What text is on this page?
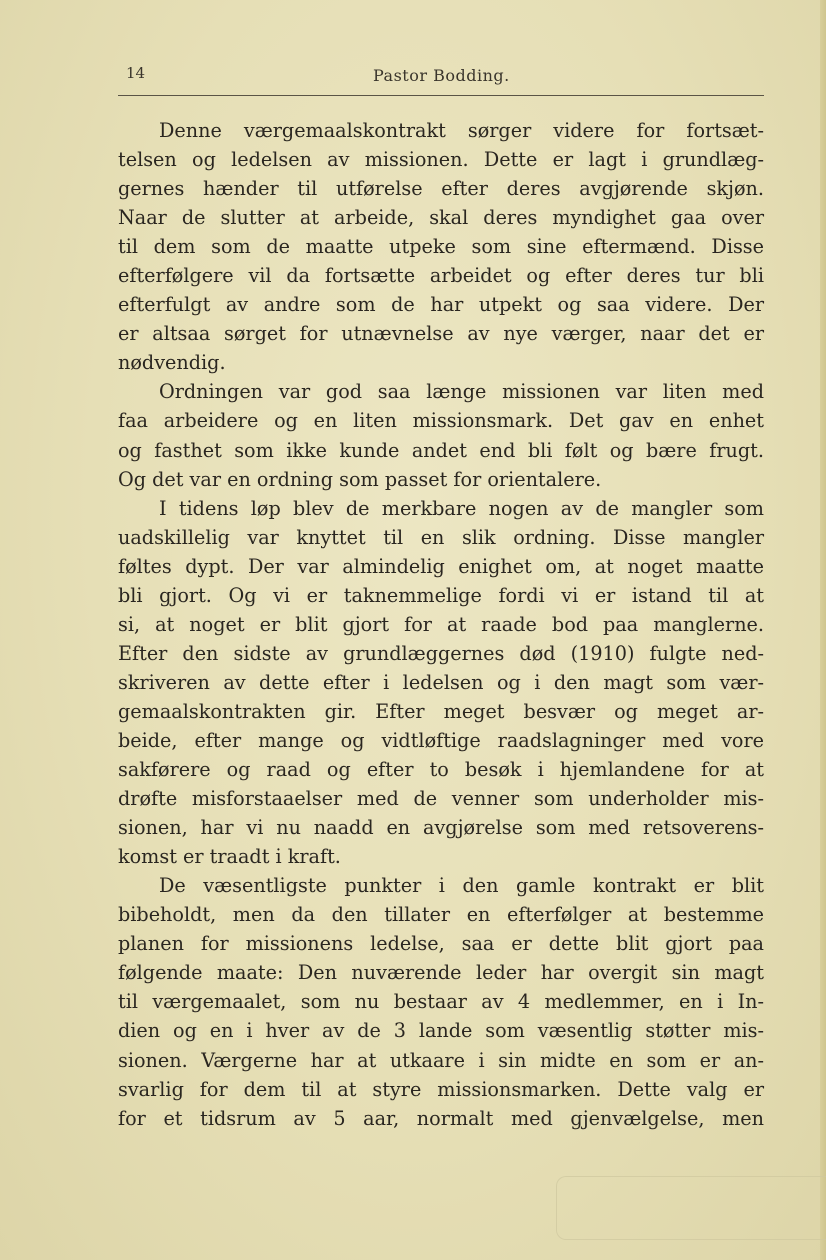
14	Pastor Bodding.
Denne værgemaalskontrakt sørger videre for fortsæt-
telsen og ledelsen av missionen. Dette er lagt i grundlæg-
gernes hænder til utførelse efter deres avgjørende skjøn.
Naar de slutter at arbeide, skal deres myndighet gaa over
til dem som de maatte utpeke som sine eftermænd. Disse
efterfølgere vil da fortsætte arbeidet og efter deres tur bli
efterfulgt av andre som de har utpekt og saa videre. Der
er altsaa sørget for utnævnelse av nye værger, naar det er
nødvendig.
Ordningen var god saa længe missionen var liten med
faa arbeidere og en liten missionsmark. Det gav en enhet
og fasthet som ikke kunde andet end bli følt og bære frugt.
Og det var en ordning som passet for orientalere.
I tidens løp blev de merkbare nogen av de mangler som
uadskillelig var knyttet til en slik ordning. Disse mangler
føltes dypt. Der var almindelig enighet om, at noget maatte
bli gjort. Og vi er taknemmelige fordi vi er istand til at
si, at noget er blit gjort for at raade bod paa manglerne.
Efter den sidste av grundlæggernes død (1910) fulgte ned-
skriveren av dette efter i ledelsen og i den magt som vær-
gemaalskontrakten gir. Efter meget besvær og meget ar-
beide, efter mange og vidtløftige raadslagninger med vore
sakførere og raad og efter to besøk i hjemlandene for at
drøfte misforstaaelser med de venner som underholder mis-
sionen, har vi nu naadd en avgjørelse som med retsoverens-
komst er traadt i kraft.
De væsentligste punkter i den gamle kontrakt er blit
bibeholdt, men da den tillater en efterfølger at bestemme
planen for missionens ledelse, saa er dette blit gjort paa
følgende maate: Den nuværende leder har overgit sin magt
til værgemaalet, som nu bestaar av 4 medlemmer, en i In-
dien og en i hver av de 3 lande som væsentlig støtter mis-
sionen. Værgerne har at utkaare i sin midte en som er an-
svarlig for dem til at styre missionsmarken. Dette valg er
for et tidsrum av 5 aar, normalt med gjenvælgelse, men
